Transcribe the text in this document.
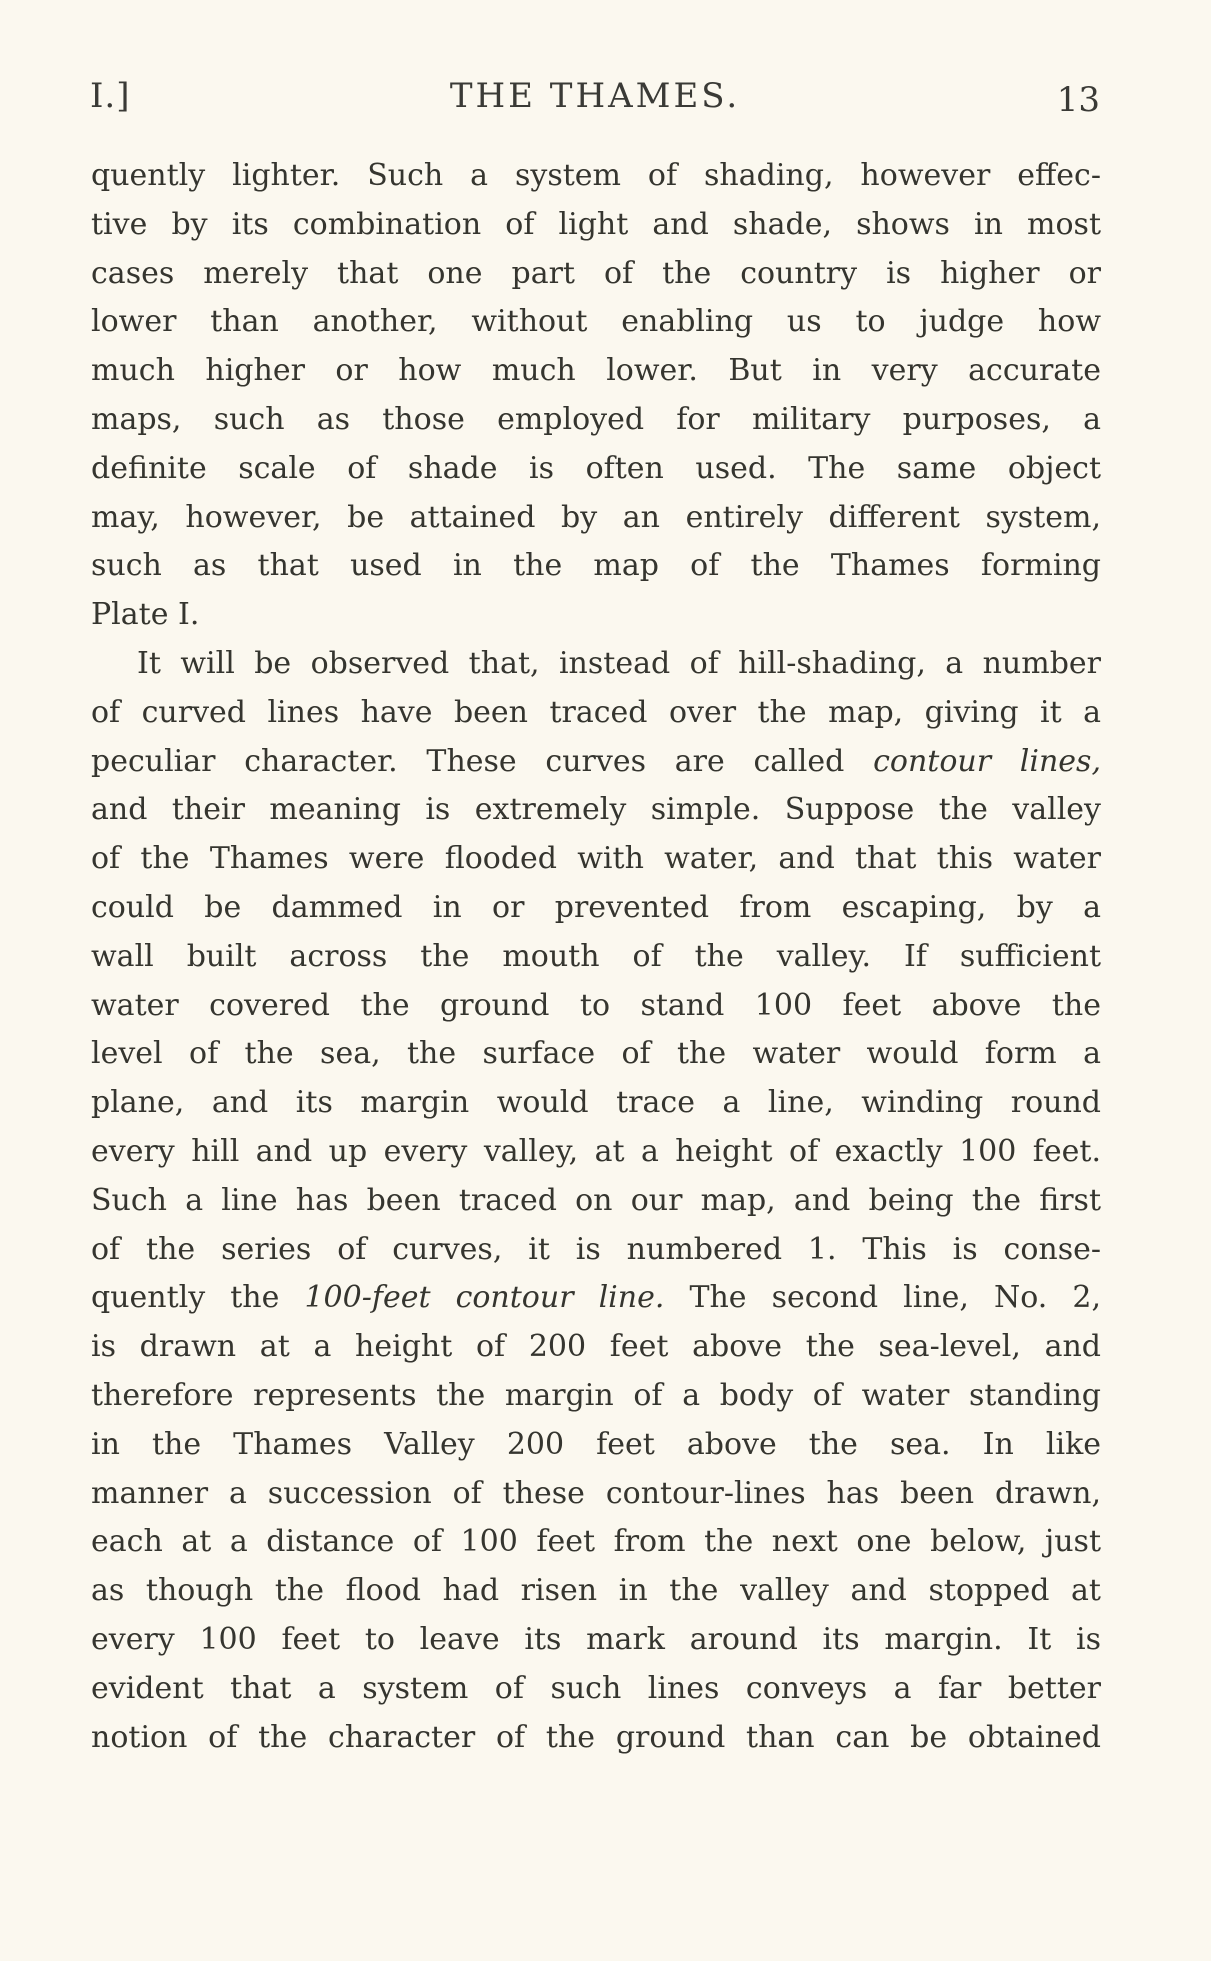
I.]	THE THAMES.	13
quently lighter. Such a system of shading, however effec-
tive by its combination of light and shade, shows in most
cases merely that one part of the country is higher or
lower than another, without enabling us to judge how
much higher or how much lower. But in very accurate
maps, such as those employed for military purposes, a
definite scale of shade is often used. The same object
may, however, be attained by an entirely different system,
such as that used in the map of the Thames forming
Plate I.
It will be observed that, instead of hill-shading, a number
of curved lines have been traced over the map, giving it a
peculiar character. These curves are called contour lines,
and their meaning is extremely simple. Suppose the valley
of the Thames were flooded with water, and that this water
could be dammed in or prevented from escaping, by a
wall built across the mouth of the valley. If sufficient
water covered the ground to stand 100 feet above the
level of the sea, the surface of the water would form a
plane, and its margin would trace a line, winding round
every hill and up every valley, at a height of exactly 100 feet.
Such a line has been traced on our map, and being the first
of the series of curves, it is numbered 1. This is conse-
quently the 100-feet contour line. The second line, No. 2,
is drawn at a height of 200 feet above the sea-level, and
therefore represents the margin of a body of water standing
in the Thames Valley 200 feet above the sea. In like
manner a succession of these contour-lines has been drawn,
each at a distance of 100 feet from the next one below, just
as though the flood had risen in the valley and stopped at
every 100 feet to leave its mark around its margin. It is
evident that a system of such lines conveys a far better
notion of the character of the ground than can be obtained
